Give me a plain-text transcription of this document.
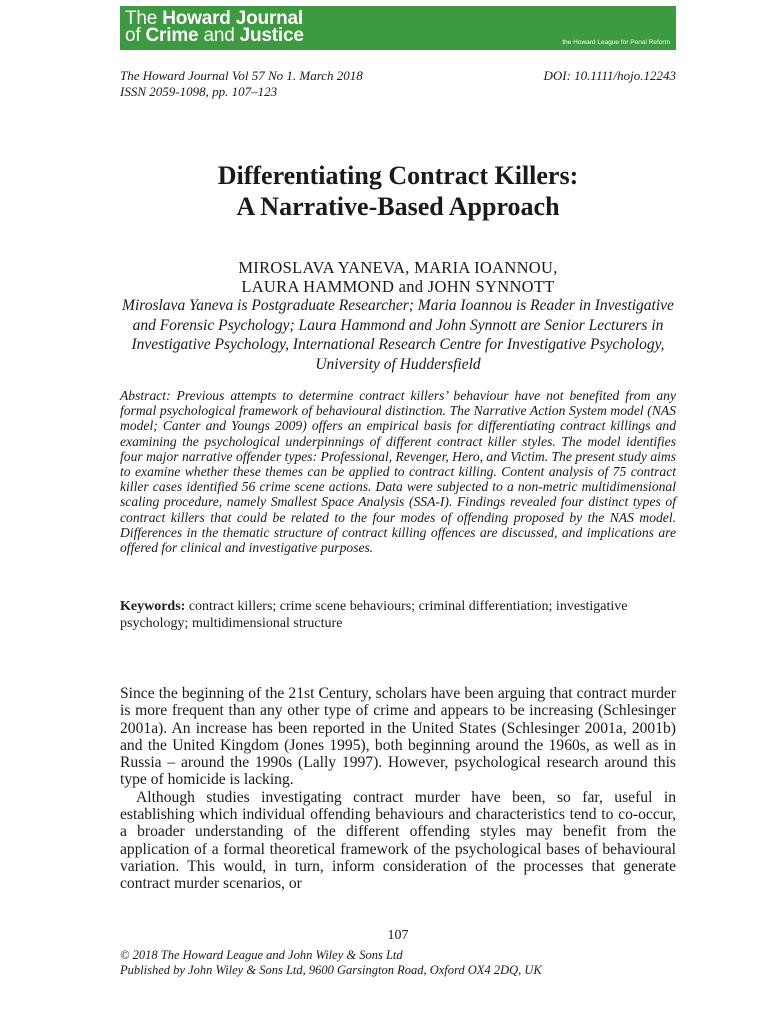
The Howard Journal
of Crime and Justice	the Howard League for Penal Reform
The Howard Journal Vol 57 No 1. March 2018
ISSN 2059-1098, pp. 107–123
DOI: 10.1111/hojo.12243
Differentiating Contract Killers:
A Narrative-Based Approach
MIROSLAVA YANEVA, MARIA IOANNOU,
LAURA HAMMOND and JOHN SYNNOTT
Miroslava Yaneva is Postgraduate Researcher; Maria Ioannou is Reader in Investigative and Forensic Psychology; Laura Hammond and John Synnott are Senior Lecturers in Investigative Psychology, International Research Centre for Investigative Psychology, University of Huddersfield
Abstract: Previous attempts to determine contract killers’ behaviour have not benefited from any formal psychological framework of behavioural distinction. The Narrative Action System model (NAS model; Canter and Youngs 2009) offers an empirical basis for differentiating contract killings and examining the psychological underpinnings of different contract killer styles. The model identifies four major narrative offender types: Professional, Revenger, Hero, and Victim. The present study aims to examine whether these themes can be applied to contract killing. Content analysis of 75 contract killer cases identified 56 crime scene actions. Data were subjected to a non-metric multidimensional scaling procedure, namely Smallest Space Analysis (SSA-I). Findings revealed four distinct types of contract killers that could be related to the four modes of offending proposed by the NAS model. Differences in the thematic structure of contract killing offences are discussed, and implications are offered for clinical and investigative purposes.
Keywords: contract killers; crime scene behaviours; criminal differentiation; investigative psychology; multidimensional structure

Since the beginning of the 21st Century, scholars have been arguing that contract murder is more frequent than any other type of crime and appears to be increasing (Schlesinger 2001a). An increase has been reported in the United States (Schlesinger 2001a, 2001b) and the United Kingdom (Jones 1995), both beginning around the 1960s, as well as in Russia – around the 1990s (Lally 1997). However, psychological research around this type of homicide is lacking.

Although studies investigating contract murder have been, so far, useful in establishing which individual offending behaviours and characteristics tend to co-occur, a broader understanding of the different offending styles may benefit from the application of a formal theoretical framework of the psychological bases of behavioural variation. This would, in turn, inform consideration of the processes that generate contract murder scenarios, or

107
© 2018 The Howard League and John Wiley & Sons Ltd
Published by John Wiley & Sons Ltd, 9600 Garsington Road, Oxford OX4 2DQ, UK
